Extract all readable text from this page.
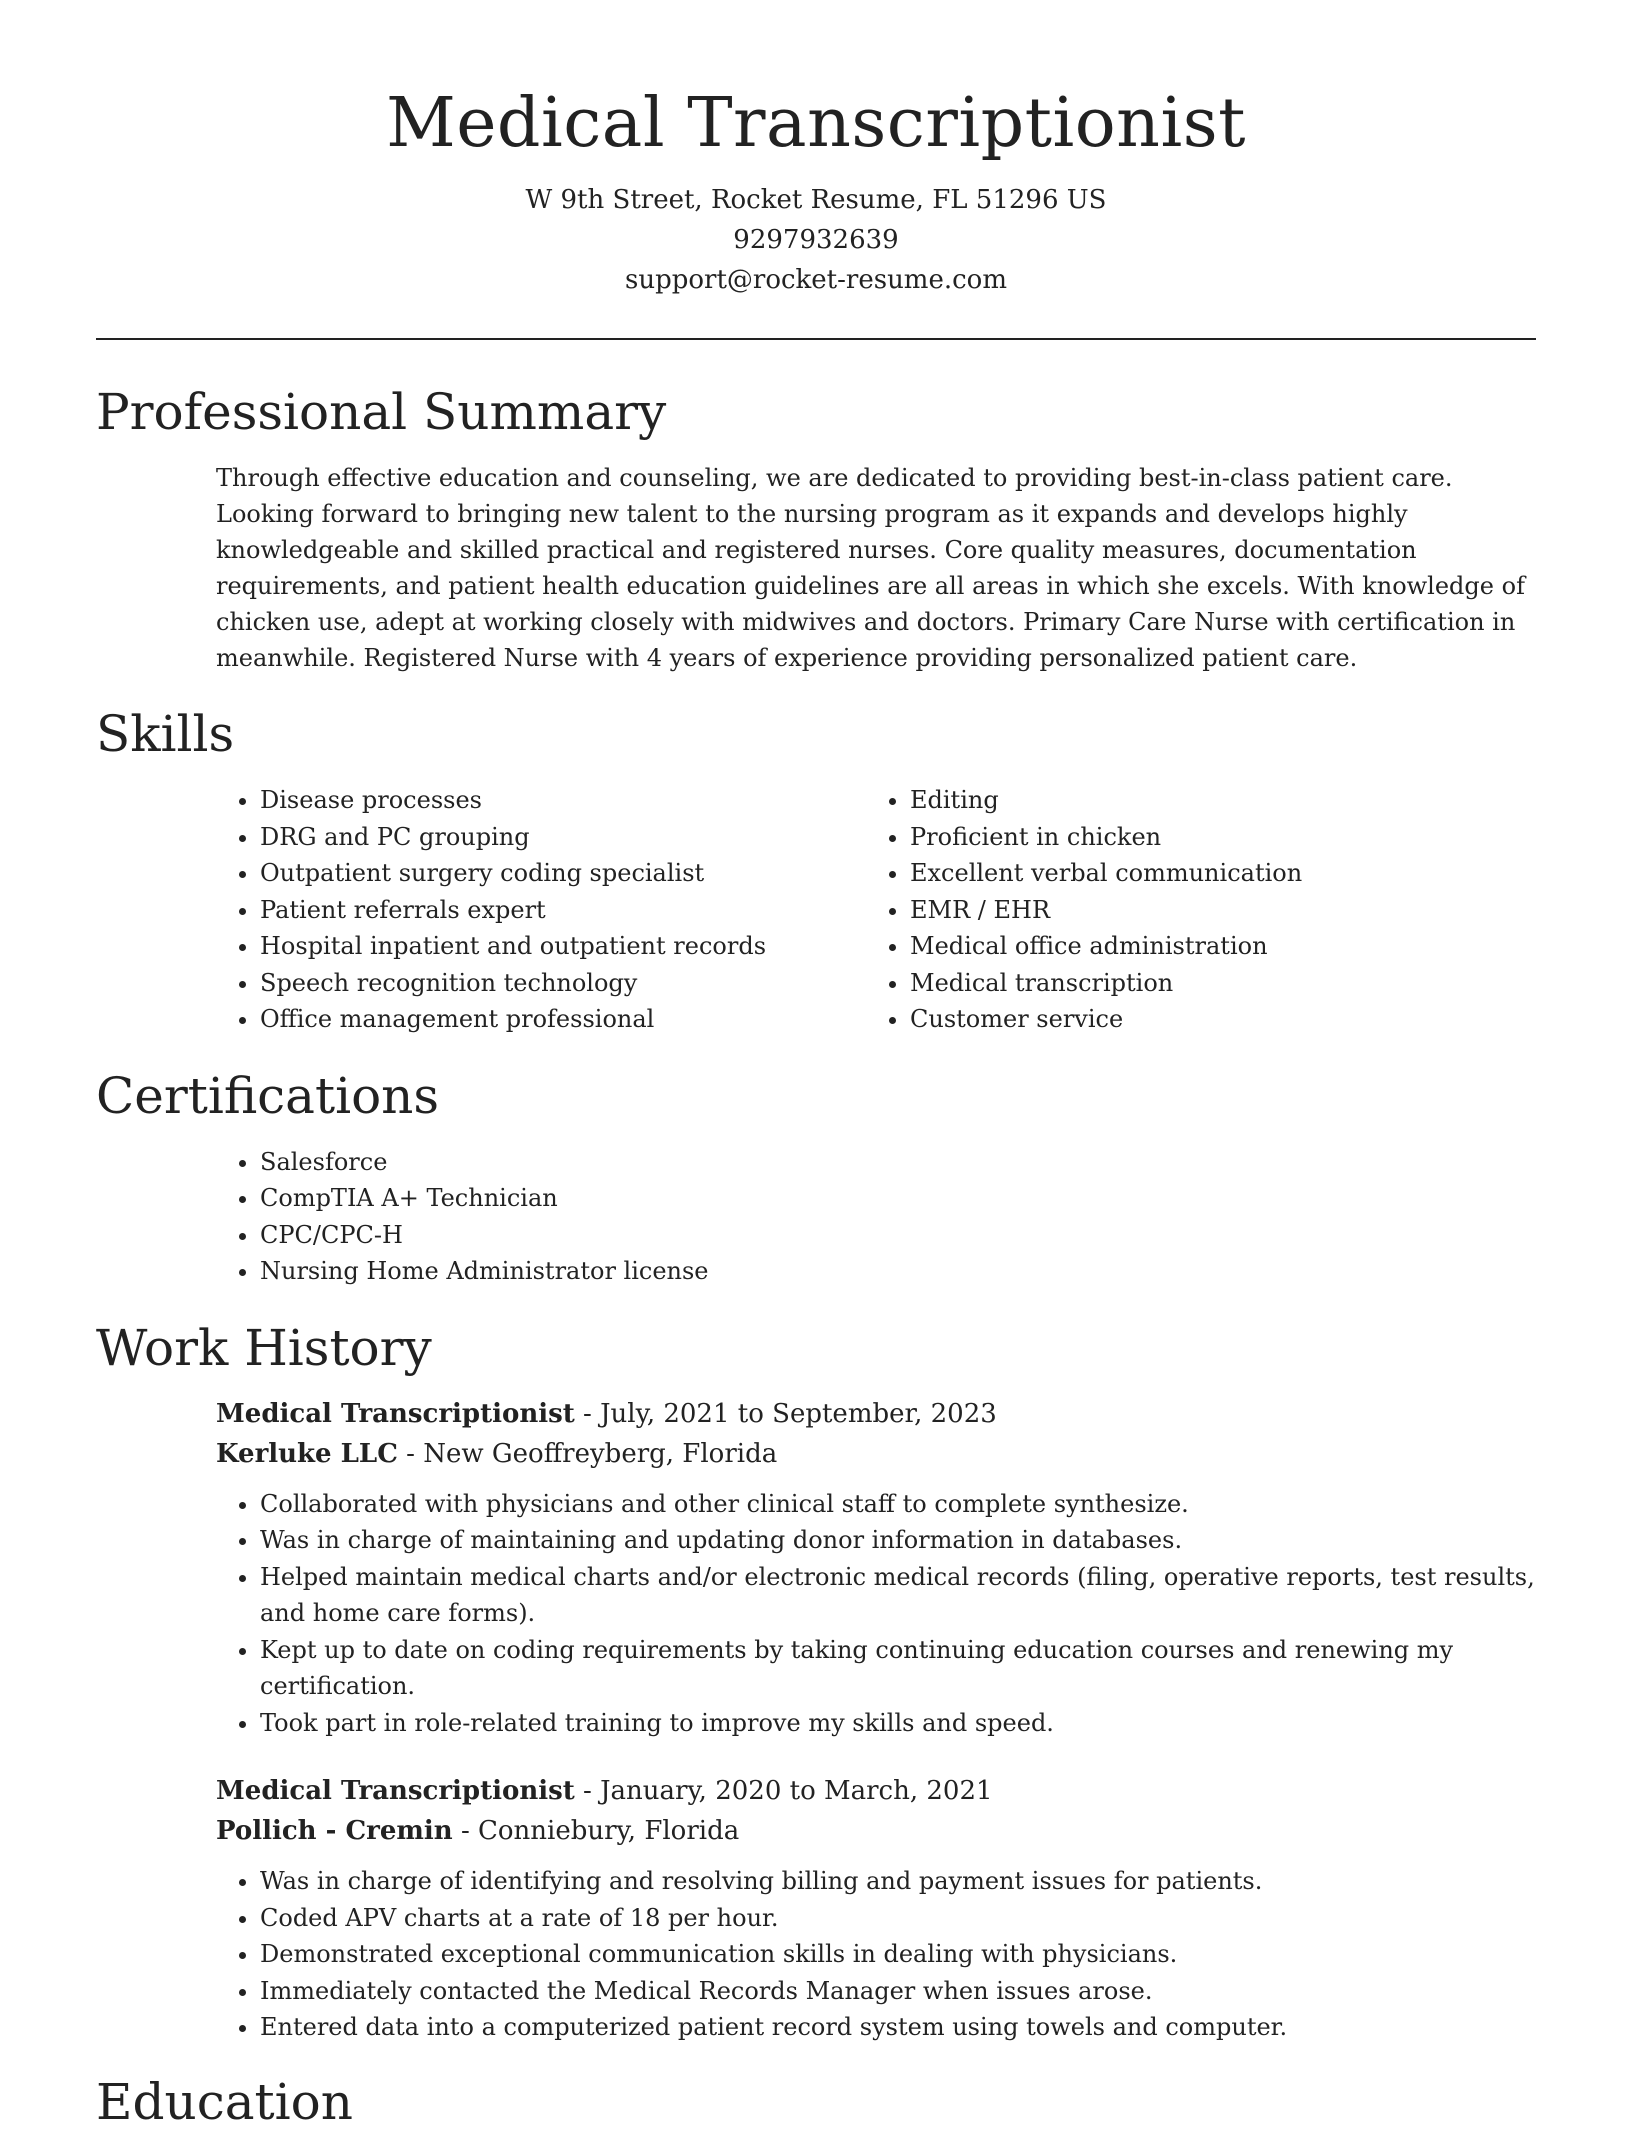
Medical Transcriptionist

W 9th Street, Rocket Resume, FL 51296 US

9297932639

support@rocket-resume.com

Professional Summary

Through effective education and counseling, we are dedicated to providing best-in-class patient care. Looking forward to bringing new talent to the nursing program as it expands and develops highly knowledgeable and skilled practical and registered nurses. Core quality measures, documentation requirements, and patient health education guidelines are all areas in which she excels. With knowledge of chicken use, adept at working closely with midwives and doctors. Primary Care Nurse with certification in meanwhile. Registered Nurse with 4 years of experience providing personalized patient care.

Skills
• Disease processes
• DRG and PC grouping
• Outpatient surgery coding specialist
• Patient referrals expert
• Hospital inpatient and outpatient records
• Speech recognition technology
• Office management professional
• Editing
• Proficient in chicken
• Excellent verbal communication
• EMR / EHR
• Medical office administration
• Medical transcription
• Customer service
Certifications
• Salesforce
• CompTIA A+ Technician
• CPC/CPC-H
• Nursing Home Administrator license
Work History

Medical Transcriptionist - July, 2021 to September, 2023

Kerluke LLC - New Geoffreyberg, Florida

• Collaborated with physicians and other clinical staff to complete synthesize.
• Was in charge of maintaining and updating donor information in databases.
• Helped maintain medical charts and/or electronic medical records (filing, operative reports, test results, and home care forms).
• Kept up to date on coding requirements by taking continuing education courses and renewing my certification.
• Took part in role-related training to improve my skills and speed.

Medical Transcriptionist - January, 2020 to March, 2021

Pollich - Cremin - Conniebury, Florida

• Was in charge of identifying and resolving billing and payment issues for patients.
• Coded APV charts at a rate of 18 per hour.
• Demonstrated exceptional communication skills in dealing with physicians.
• Immediately contacted the Medical Records Manager when issues arose.
• Entered data into a computerized patient record system using towels and computer.
Education
